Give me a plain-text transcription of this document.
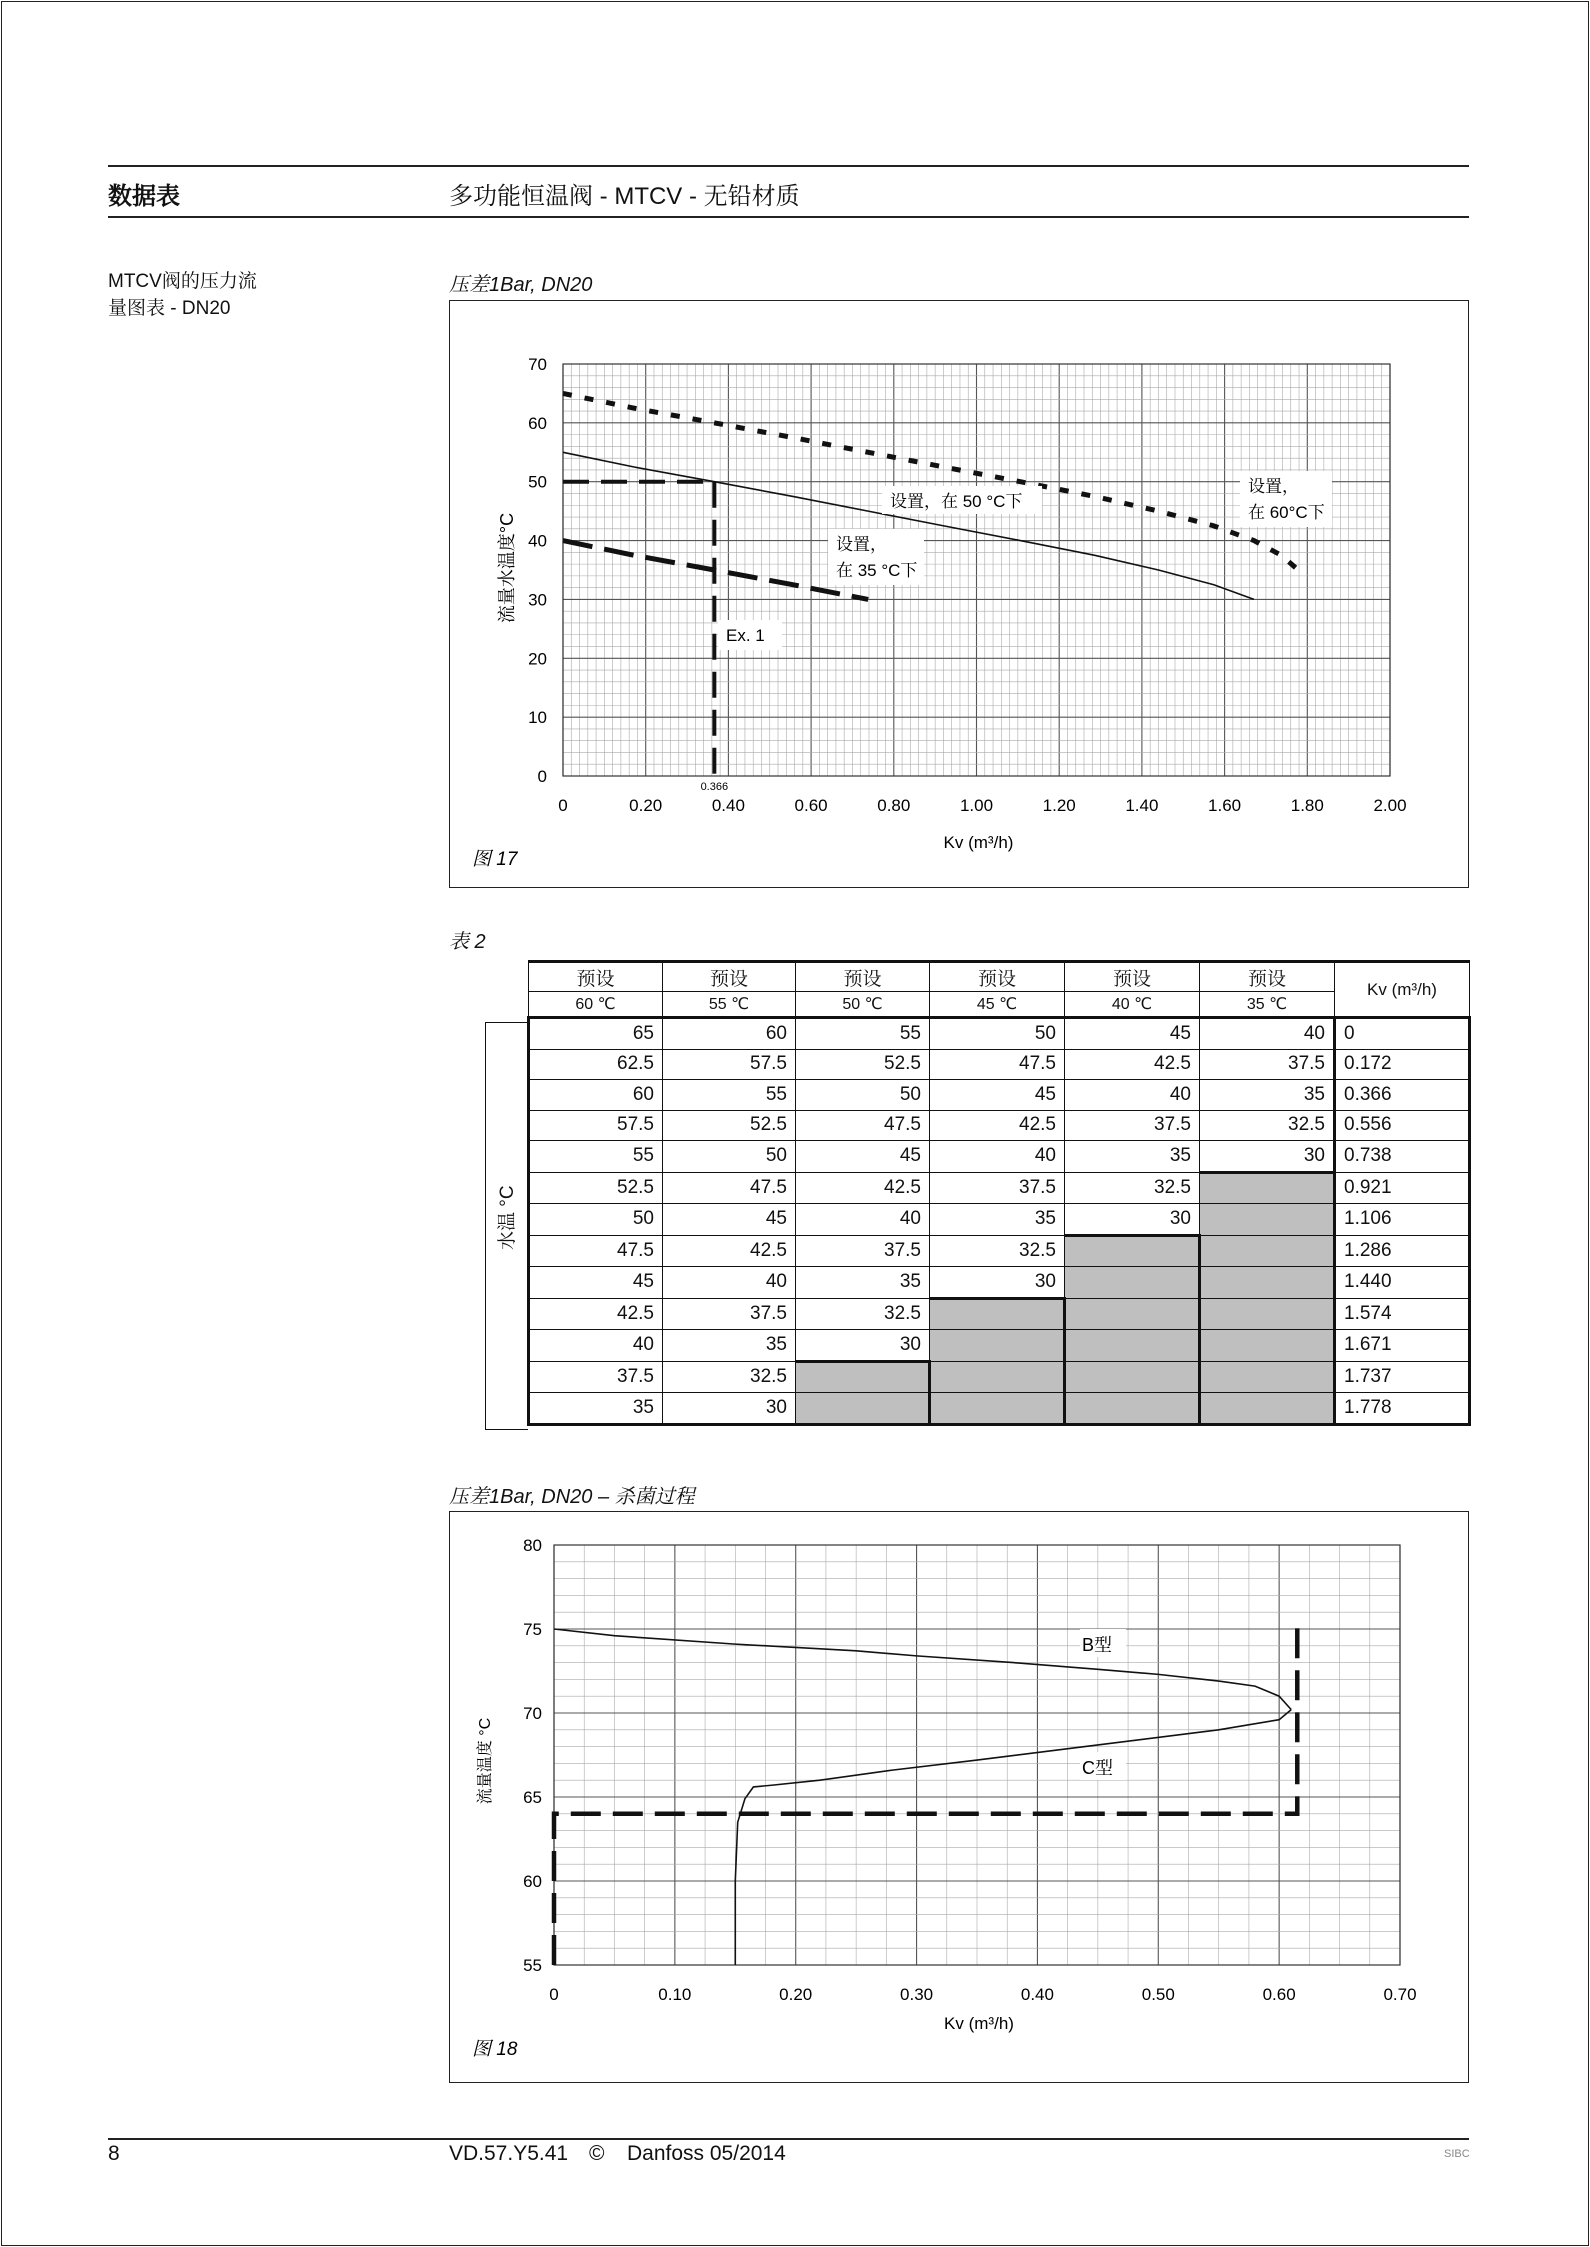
数据表	多功能恒温阀 - MTCV - 无铅材质
MTCV阀的压力流
量图表 - DN20
压差1Bar, DN20
0	0.20	0.40	0.60	0.80	1.00	1.20	1.40	1.60	1.80	2.00
0
10
20
30
40
50
60
70
Kv (m³/h)
流量水温度°C
图 17
0.366
设置，在 50 °C下
设置，
在 35 °C下
设置，
在 60°C下
Ex. 1
表 2
水温 °C
预设	预设	预设	预设	预设	预设	Kv (m³/h)
60 ℃	55 ℃	50 ℃	45 ℃	40 ℃	35 ℃	
65	60	55	50	45	40	0
62.5	57.5	52.5	47.5	42.5	37.5	0.172
60	55	50	45	40	35	0.366
57.5	52.5	47.5	42.5	37.5	32.5	0.556
55	50	45	40	35	30	0.738
52.5	47.5	42.5	37.5	32.5		0.921
50	45	40	35	30		1.106
47.5	42.5	37.5	32.5			1.286
45	40	35	30			1.440
42.5	37.5	32.5				1.574
40	35	30				1.671
37.5	32.5					1.737
35	30					1.778
压差1Bar, DN20 – 杀菌过程
0	0.10	0.20	0.30	0.40	0.50	0.60	0.70
55
60
65
70
75
80
Kv (m³/h)
流量温度 °C
图 18
B型
C型
8	VD.57.Y5.41 © Danfoss 05/2014	SIBC
